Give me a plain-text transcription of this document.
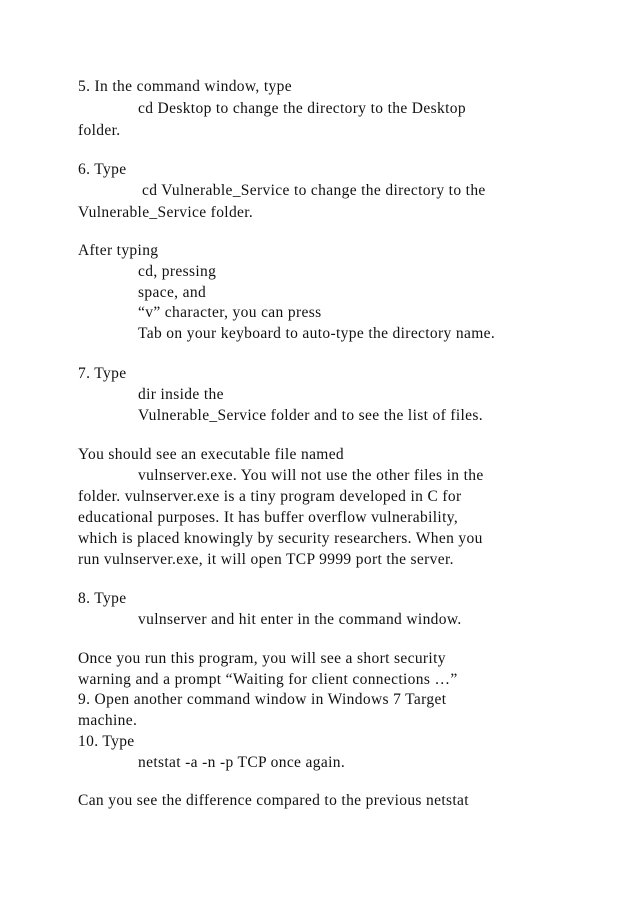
5. In the command window, type
cd Desktop to change the directory to the Desktop
folder.
6. Type
cd Vulnerable_Service to change the directory to the
Vulnerable_Service folder.
After typing
cd, pressing
space, and
“v” character, you can press
Tab on your keyboard to auto-type the directory name.
7. Type
dir inside the
Vulnerable_Service folder and to see the list of files.
You should see an executable file named
vulnserver.exe. You will not use the other files in the
folder. vulnserver.exe is a tiny program developed in C for
educational purposes. It has buffer overflow vulnerability,
which is placed knowingly by security researchers. When you
run vulnserver.exe, it will open TCP 9999 port the server.
8. Type
vulnserver and hit enter in the command window.
Once you run this program, you will see a short security
warning and a prompt “Waiting for client connections …”
9. Open another command window in Windows 7 Target
machine.
10. Type
netstat -a -n -p TCP once again.
Can you see the difference compared to the previous netstat
